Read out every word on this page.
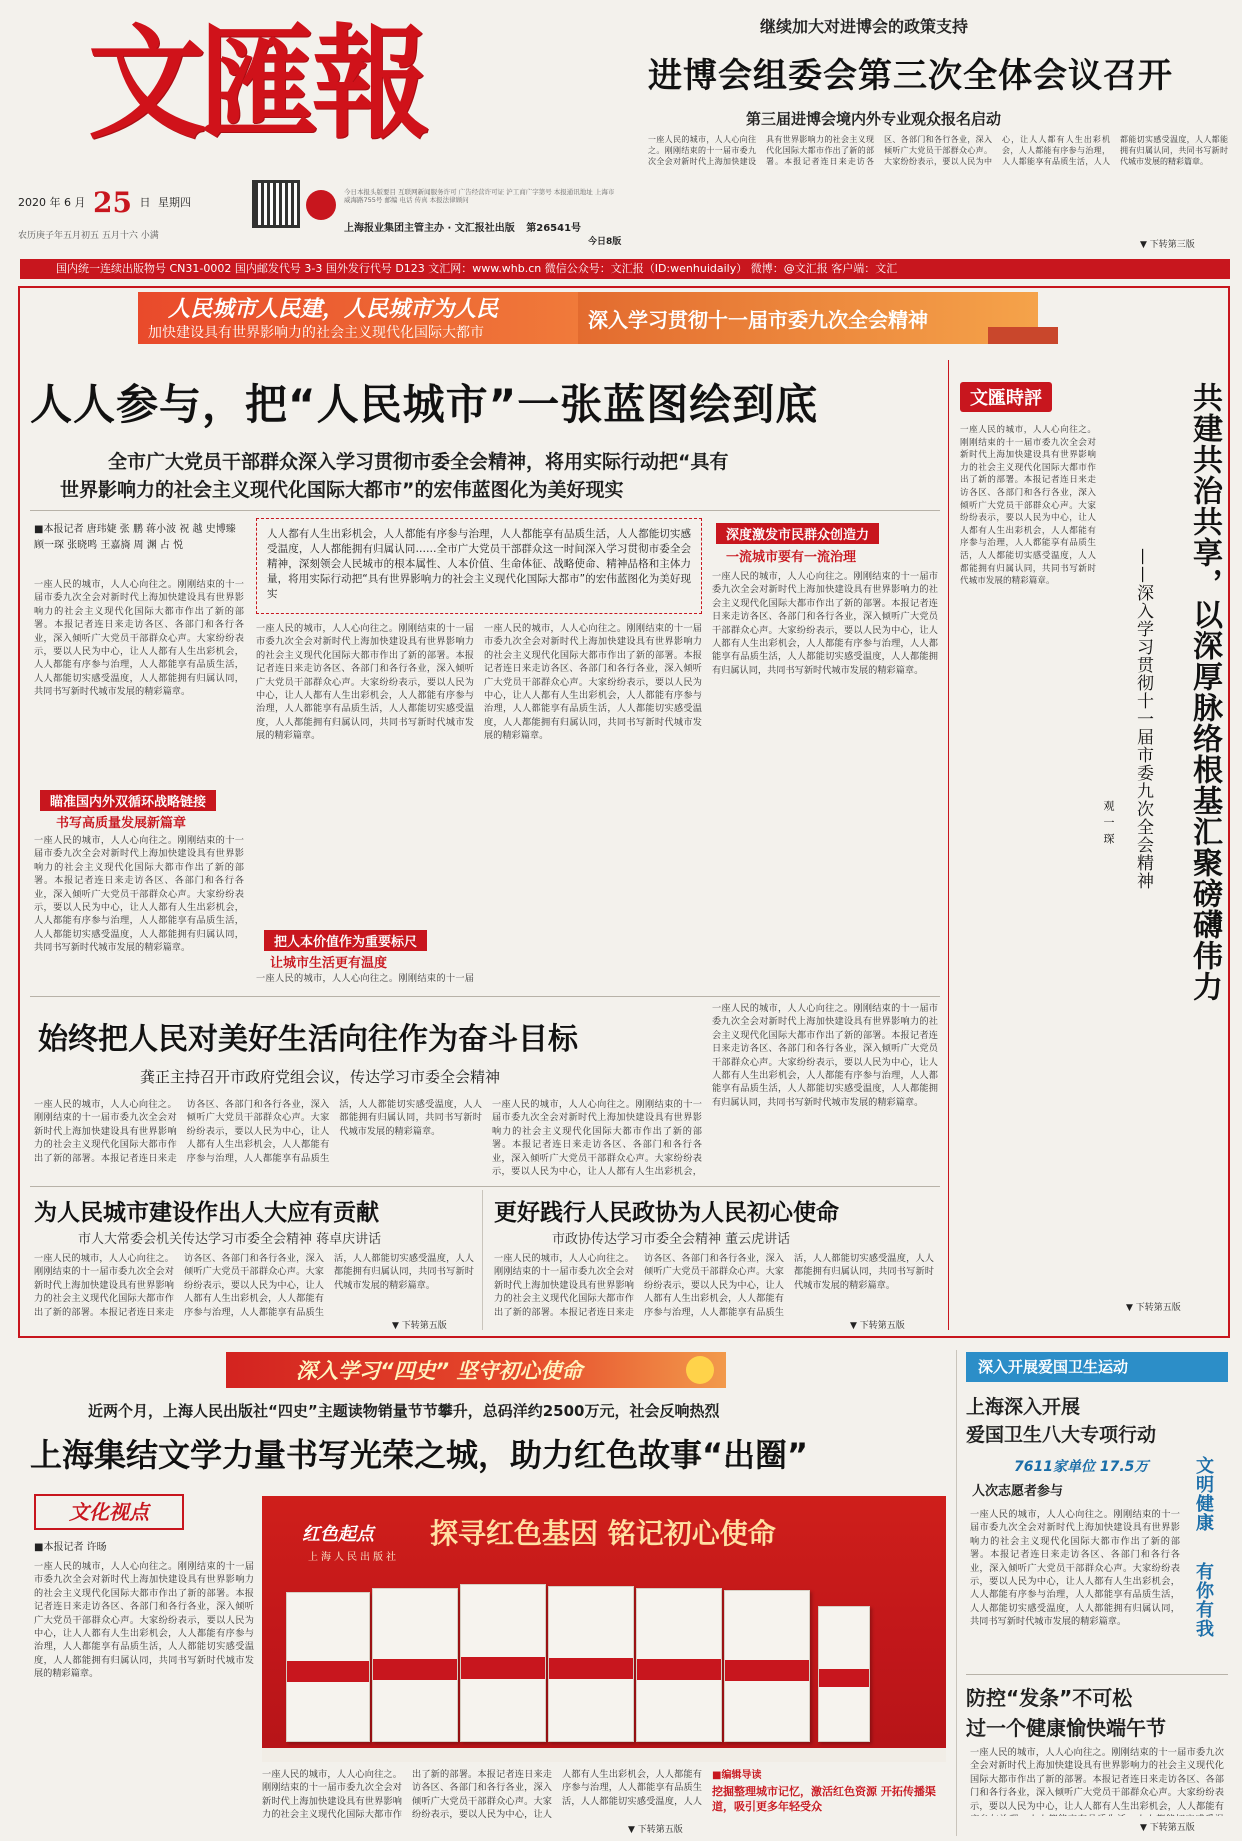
文匯報
2020 年 6 月 25 日 星期四
农历庚子年五月初五 五月十六 小满
今日本报头版要目 互联网新闻服务许可 广告经营许可证 沪工商广字第号 本报通讯地址 上海市威海路755号 邮编 电话 传真 本报法律顾问
上海报业集团主管主办 · 文汇报社出版 第26541号
今日8版
继续加大对进博会的政策支持
进博会组委会第三次全体会议召开
第三届进博会境内外专业观众报名启动
一座人民的城市，人人心向往之。刚刚结束的十一届市委九次全会对新时代上海加快建设具有世界影响力的社会主义现代化国际大都市作出了新的部署。本报记者连日来走访各区、各部门和各行各业，深入倾听广大党员干部群众心声。大家纷纷表示，要以人民为中心，让人人都有人生出彩机会，人人都能有序参与治理，人人都能享有品质生活，人人都能切实感受温度，人人都能拥有归属认同，共同书写新时代城市发展的精彩篇章。
▼ 下转第三版
国内统一连续出版物号 CN31-0002 国内邮发代号 3-3 国外发行代号 D123 文汇网：www.whb.cn 微信公众号：文汇报（ID:wenhuidaily） 微博：@文汇报 客户端：文汇
人民城市人民建，人民城市为人民
加快建设具有世界影响力的社会主义现代化国际大都市
深入学习贯彻十一届市委九次全会精神
人人参与，把“人民城市”一张蓝图绘到底
全市广大党员干部群众深入学习贯彻市委全会精神，将用实际行动把“具有
世界影响力的社会主义现代化国际大都市”的宏伟蓝图化为美好现实
■本报记者 唐玮婕 张 鹏 蒋小波 祝 越 史博臻 顾一琛 张晓鸣 王嘉旖 周 渊 占 悦
人人都有人生出彩机会，人人都能有序参与治理，人人都能享有品质生活，人人都能切实感受温度，人人都能拥有归属认同……全市广大党员干部群众这一时间深入学习贯彻市委全会精神，深刻领会人民城市的根本属性、人本价值、生命体征、战略使命、精神品格和主体力量，将用实际行动把“具有世界影响力的社会主义现代化国际大都市”的宏伟蓝图化为美好现实
深度激发市民群众创造力
一流城市要有一流治理
一座人民的城市，人人心向往之。刚刚结束的十一届市委九次全会对新时代上海加快建设具有世界影响力的社会主义现代化国际大都市作出了新的部署。本报记者连日来走访各区、各部门和各行各业，深入倾听广大党员干部群众心声。大家纷纷表示，要以人民为中心，让人人都有人生出彩机会，人人都能有序参与治理，人人都能享有品质生活，人人都能切实感受温度，人人都能拥有归属认同，共同书写新时代城市发展的精彩篇章。
瞄准国内外双循环战略链接
书写高质量发展新篇章
一座人民的城市，人人心向往之。刚刚结束的十一届市委九次全会对新时代上海加快建设具有世界影响力的社会主义现代化国际大都市作出了新的部署。本报记者连日来走访各区、各部门和各行各业，深入倾听广大党员干部群众心声。大家纷纷表示，要以人民为中心，让人人都有人生出彩机会，人人都能有序参与治理，人人都能享有品质生活，人人都能切实感受温度，人人都能拥有归属认同，共同书写新时代城市发展的精彩篇章。
一座人民的城市，人人心向往之。刚刚结束的十一届市委九次全会对新时代上海加快建设具有世界影响力的社会主义现代化国际大都市作出了新的部署。本报记者连日来走访各区、各部门和各行各业，深入倾听广大党员干部群众心声。大家纷纷表示，要以人民为中心，让人人都有人生出彩机会，人人都能有序参与治理，人人都能享有品质生活，人人都能切实感受温度，人人都能拥有归属认同，共同书写新时代城市发展的精彩篇章。
把人本价值作为重要标尺
让城市生活更有温度
一座人民的城市，人人心向往之。刚刚结束的十一届
一座人民的城市，人人心向往之。刚刚结束的十一届市委九次全会对新时代上海加快建设具有世界影响力的社会主义现代化国际大都市作出了新的部署。本报记者连日来走访各区、各部门和各行各业，深入倾听广大党员干部群众心声。大家纷纷表示，要以人民为中心，让人人都有人生出彩机会，人人都能有序参与治理，人人都能享有品质生活，人人都能切实感受温度，人人都能拥有归属认同，共同书写新时代城市发展的精彩篇章。
一座人民的城市，人人心向往之。刚刚结束的十一届市委九次全会对新时代上海加快建设具有世界影响力的社会主义现代化国际大都市作出了新的部署。本报记者连日来走访各区、各部门和各行各业，深入倾听广大党员干部群众心声。大家纷纷表示，要以人民为中心，让人人都有人生出彩机会，人人都能有序参与治理，人人都能享有品质生活，人人都能切实感受温度，人人都能拥有归属认同，共同书写新时代城市发展的精彩篇章。
始终把人民对美好生活向往作为奋斗目标
龚正主持召开市政府党组会议，传达学习市委全会精神
一座人民的城市，人人心向往之。刚刚结束的十一届市委九次全会对新时代上海加快建设具有世界影响力的社会主义现代化国际大都市作出了新的部署。本报记者连日来走访各区、各部门和各行各业，深入倾听广大党员干部群众心声。大家纷纷表示，要以人民为中心，让人人都有人生出彩机会，人人都能有序参与治理，人人都能享有品质生活，人人都能切实感受温度，人人都能拥有归属认同，共同书写新时代城市发展的精彩篇章。
一座人民的城市，人人心向往之。刚刚结束的十一届市委九次全会对新时代上海加快建设具有世界影响力的社会主义现代化国际大都市作出了新的部署。本报记者连日来走访各区、各部门和各行各业，深入倾听广大党员干部群众心声。大家纷纷表示，要以人民为中心，让人人都有人生出彩机会，人人都能有序参与治理，人人都能享有品质生活，人人都能切实感受温度，人人都能拥有归属认同，共同书写新时代城市发展的精彩篇章。
一座人民的城市，人人心向往之。刚刚结束的十一届市委九次全会对新时代上海加快建设具有世界影响力的社会主义现代化国际大都市作出了新的部署。本报记者连日来走访各区、各部门和各行各业，深入倾听广大党员干部群众心声。大家纷纷表示，要以人民为中心，让人人都有人生出彩机会，
为人民城市建设作出人大应有贡献
市人大常委会机关传达学习市委全会精神 蒋卓庆讲话
一座人民的城市，人人心向往之。刚刚结束的十一届市委九次全会对新时代上海加快建设具有世界影响力的社会主义现代化国际大都市作出了新的部署。本报记者连日来走访各区、各部门和各行各业，深入倾听广大党员干部群众心声。大家纷纷表示，要以人民为中心，让人人都有人生出彩机会，人人都能有序参与治理，人人都能享有品质生活，人人都能切实感受温度，人人都能拥有归属认同，共同书写新时代城市发展的精彩篇章。
▼ 下转第五版
更好践行人民政协为人民初心使命
市政协传达学习市委全会精神 董云虎讲话
一座人民的城市，人人心向往之。刚刚结束的十一届市委九次全会对新时代上海加快建设具有世界影响力的社会主义现代化国际大都市作出了新的部署。本报记者连日来走访各区、各部门和各行各业，深入倾听广大党员干部群众心声。大家纷纷表示，要以人民为中心，让人人都有人生出彩机会，人人都能有序参与治理，人人都能享有品质生活，人人都能切实感受温度，人人都能拥有归属认同，共同书写新时代城市发展的精彩篇章。
▼ 下转第五版
文匯時評
一座人民的城市，人人心向往之。刚刚结束的十一届市委九次全会对新时代上海加快建设具有世界影响力的社会主义现代化国际大都市作出了新的部署。本报记者连日来走访各区、各部门和各行各业，深入倾听广大党员干部群众心声。大家纷纷表示，要以人民为中心，让人人都有人生出彩机会，人人都能有序参与治理，人人都能享有品质生活，人人都能切实感受温度，人人都能拥有归属认同，共同书写新时代城市发展的精彩篇章。	共建共治共享，以深厚脉络根基汇聚磅礴伟力
——深入学习贯彻十一届市委九次全会精神
观 一 琛
▼ 下转第五版
深入学习“四史” 坚守初心使命
近两个月，上海人民出版社“四史”主题读物销量节节攀升，总码洋约2500万元，社会反响热烈
上海集结文学力量书写光荣之城，助力红色故事“出圈”
文化视点
■本报记者 许旸
一座人民的城市，人人心向往之。刚刚结束的十一届市委九次全会对新时代上海加快建设具有世界影响力的社会主义现代化国际大都市作出了新的部署。本报记者连日来走访各区、各部门和各行各业，深入倾听广大党员干部群众心声。大家纷纷表示，要以人民为中心，让人人都有人生出彩机会，人人都能有序参与治理，人人都能享有品质生活，人人都能切实感受温度，人人都能拥有归属认同，共同书写新时代城市发展的精彩篇章。
探寻红色基因 铭记初心使命
红色起点
上海人民出版社
一座人民的城市，人人心向往之。刚刚结束的十一届市委九次全会对新时代上海加快建设具有世界影响力的社会主义现代化国际大都市作出了新的部署。本报记者连日来走访各区、各部门和各行各业，深入倾听广大党员干部群众心声。大家纷纷表示，要以人民为中心，让人人都有人生出彩机会，人人都能有序参与治理，人人都能享有品质生活，人人都能切实感受温度，人人
■编辑导读
挖掘整理城市记忆，激活红色资源 开拓传播渠道，吸引更多年轻受众
深入开展爱国卫生运动
上海深入开展
爱国卫生八大专项行动
7611家单位 17.5万
人次志愿者参与	文明健康
有你有我
一座人民的城市，人人心向往之。刚刚结束的十一届市委九次全会对新时代上海加快建设具有世界影响力的社会主义现代化国际大都市作出了新的部署。本报记者连日来走访各区、各部门和各行各业，深入倾听广大党员干部群众心声。大家纷纷表示，要以人民为中心，让人人都有人生出彩机会，人人都能有序参与治理，人人都能享有品质生活，人人都能切实感受温度，人人都能拥有归属认同，共同书写新时代城市发展的精彩篇章。
防控“发条”不可松
过一个健康愉快端午节
一座人民的城市，人人心向往之。刚刚结束的十一届市委九次全会对新时代上海加快建设具有世界影响力的社会主义现代化国际大都市作出了新的部署。本报记者连日来走访各区、各部门和各行各业，深入倾听广大党员干部群众心声。大家纷纷表示，要以人民为中心，让人人都有人生出彩机会，人人都能有
▼ 下转第五版
▼ 下转第五版
